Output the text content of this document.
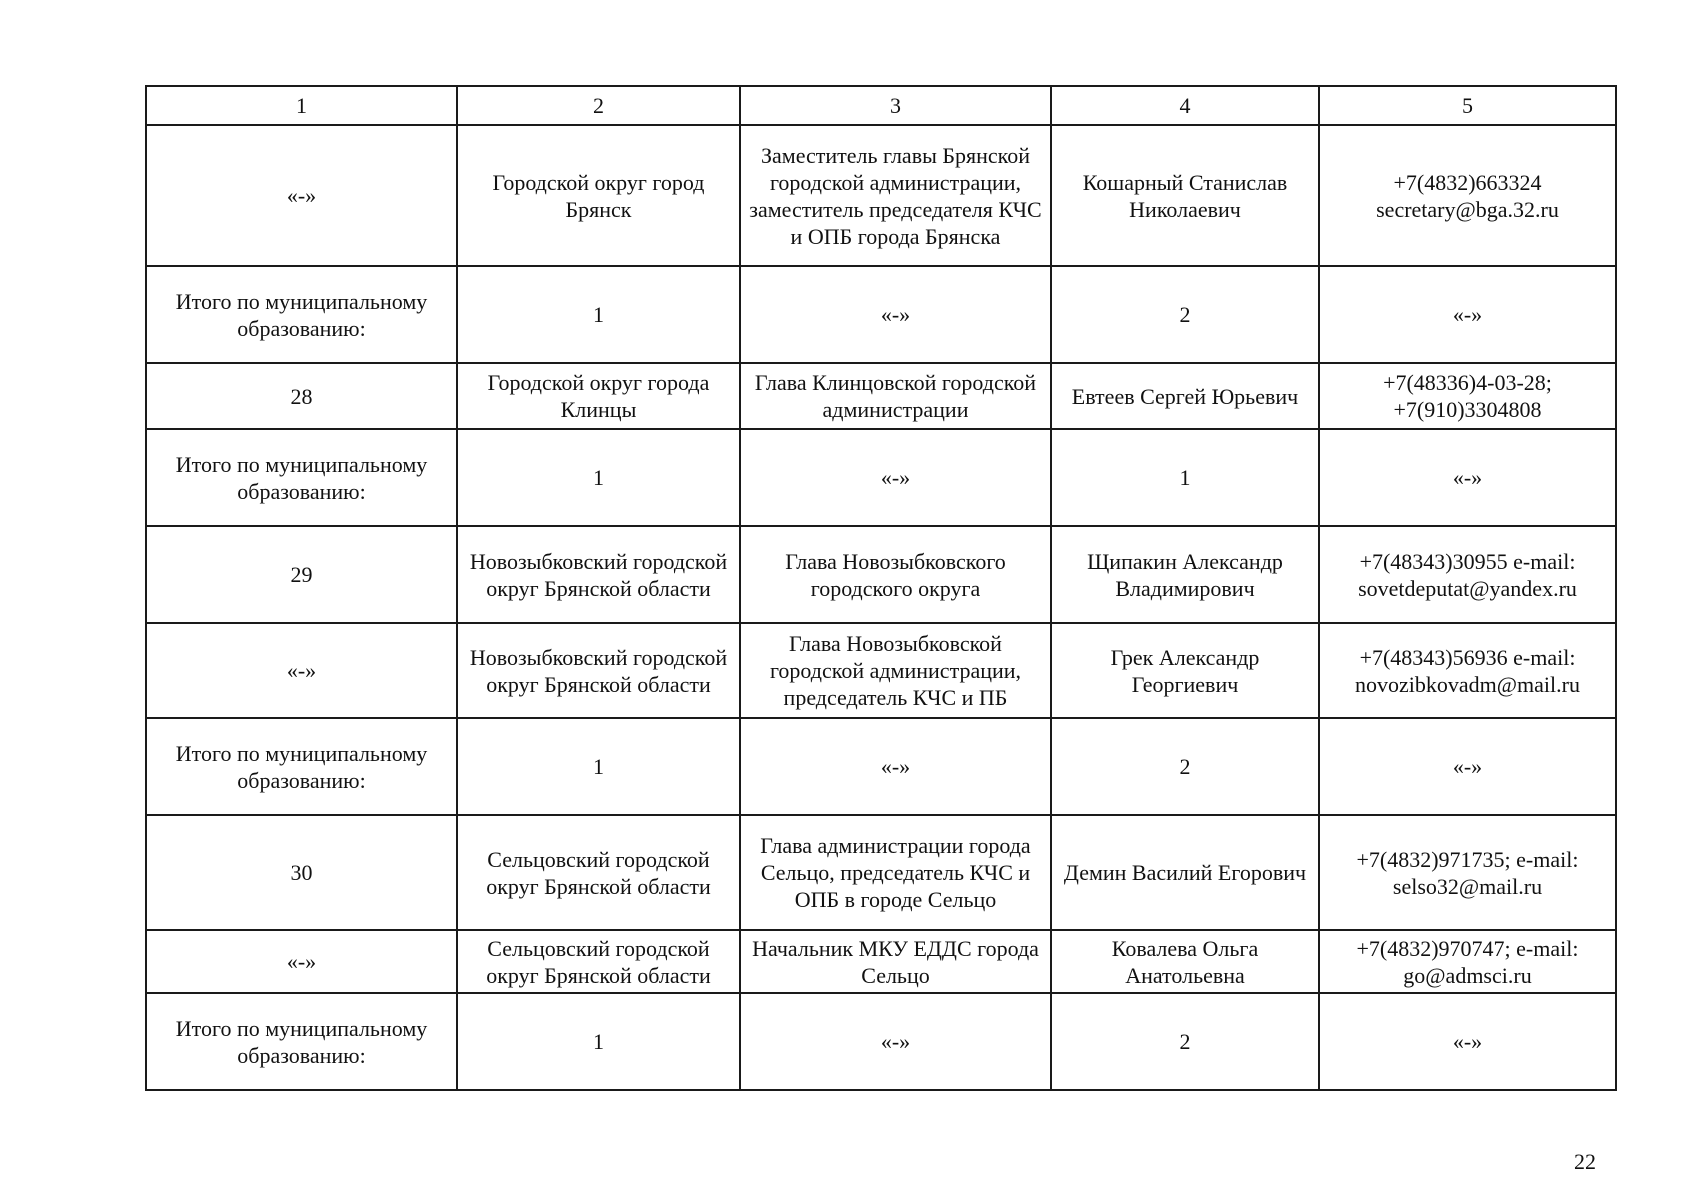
1	2	3	4	5
«-»	Городской округ город Брянск	Заместитель главы Брянской городской администрации, заместитель председателя КЧС и ОПБ города Брянска	Кошарный Станислав Николаевич	+7(4832)663324
secretary@bga.32.ru

Итого по муниципальному образованию:	1	«-»	2	«-»

28	Городской округ города Клинцы	Глава Клинцовской городской администрации	Евтеев Сергей Юрьевич	+7(48336)4-03-28;
+7(910)3304808

Итого по муниципальному образованию:	1	«-»	1	«-»

29	Новозыбковский городской округ Брянской области	Глава Новозыбковского городского округа	Щипакин Александр Владимирович	+7(48343)30955 e-mail:
sovetdeputat@yandex.ru

«-»	Новозыбковский городской округ Брянской области	Глава Новозыбковской городской администрации, председатель КЧС и ПБ	Грек Александр Георгиевич	+7(48343)56936 e-mail:
novozibkovadm@mail.ru

Итого по муниципальному образованию:	1	«-»	2	«-»

30	Сельцовский городской округ Брянской области	Глава администрации города Сельцо, председатель КЧС и ОПБ в городе Сельцо	Демин Василий Егорович	+7(4832)971735; e-mail:
selso32@mail.ru

«-»	Сельцовский городской округ Брянской области	Начальник МКУ ЕДДС города Сельцо	Ковалева Ольга Анатольевна	+7(4832)970747; e-mail:
go@admsci.ru

Итого по муниципальному образованию:	1	«-»	2	«-»
22
